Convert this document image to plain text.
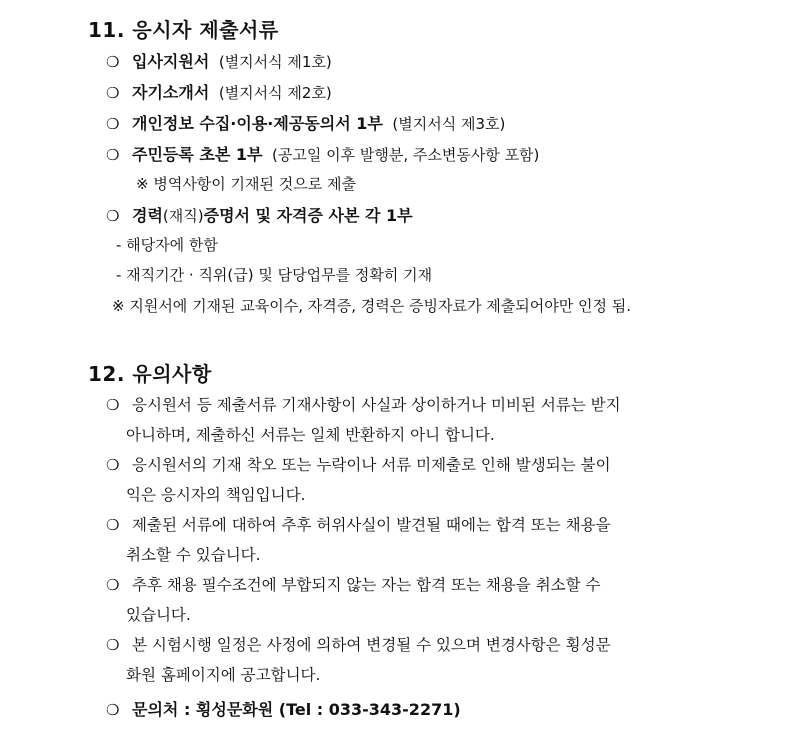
11. 응시자 제출서류
❍ 입사지원서 (별지서식 제1호)
❍ 자기소개서 (별지서식 제2호)
❍ 개인정보 수집·이용·제공동의서 1부 (별지서식 제3호)
❍ 주민등록 초본 1부 (공고일 이후 발행분, 주소변동사항 포함)
※ 병역사항이 기재된 것으로 제출
❍ 경력(재직)증명서 및 자격증 사본 각 1부
- 해당자에 한함
- 재직기간 · 직위(급) 및 담당업무를 정확히 기재
※ 지원서에 기재된 교육이수, 자격증, 경력은 증빙자료가 제출되어야만 인정 됨.
12. 유의사항
❍ 응시원서 등 제출서류 기재사항이 사실과 상이하거나 미비된 서류는 받지
아니하며, 제출하신 서류는 일체 반환하지 아니 합니다.
❍ 응시원서의 기재 착오 또는 누락이나 서류 미제출로 인해 발생되는 불이
익은 응시자의 책임입니다.
❍ 제출된 서류에 대하여 추후 허위사실이 발견될 때에는 합격 또는 채용을
취소할 수 있습니다.
❍ 추후 채용 필수조건에 부합되지 않는 자는 합격 또는 채용을 취소할 수
있습니다.
❍ 본 시험시행 일정은 사정에 의하여 변경될 수 있으며 변경사항은 횡성문
화원 홈페이지에 공고합니다.
❍ 문의처 : 횡성문화원 (Tel : 033-343-2271)
